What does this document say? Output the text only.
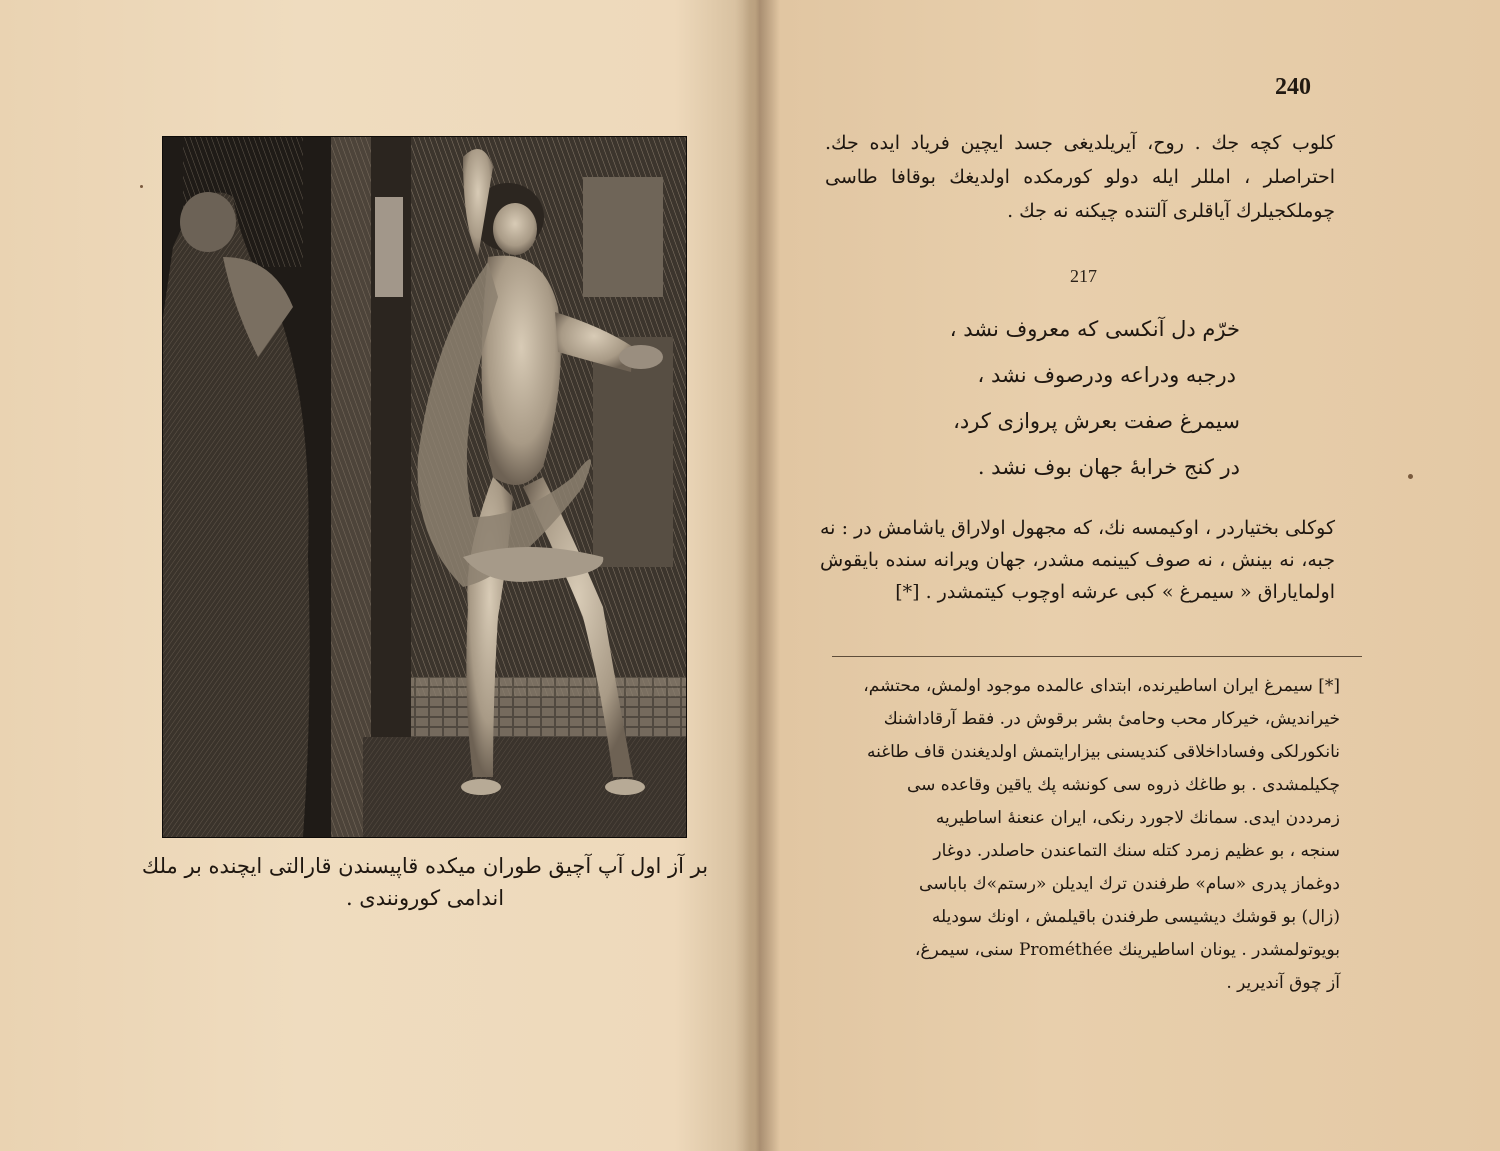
بر آز اول آپ آچیق طوران میکده قاپیسندن قارالتی ایچنده بر ملك اندامی کورونندی .
240
کلوب کچه جك . روح، آیریلدیغی جسد ایچین فریاد ایده جك. احتراصلر ، امللر ایله دولو کورمکده اولدیغك بوقافا طاسی چوملکجیلرك آیاقلری آلتنده چیکنه نه جك .
217
خرّم دل آنکسی که معروف نشد ،
درجبه ودراعه ودرصوف نشد ،
سیمرغ صفت بعرش پروازی کرد،
در کنج خرابهٔ جهان بوف نشد .
کوکلی بختیاردر ، اوکیمسه نك، که مجهول اولاراق یاشامش در : نه جبه، نه بینش ، نه صوف کیینمه مشدر، جهان ویرانه سنده بایقوش اولمایاراق « سیمرغ » کبی عرشه اوچوب کیتمشدر . [*]
[*] سیمرغ ایران اساطیرنده، ابتدای عالمده موجود اولمش، محتشم،
خیراندیش، خیرکار محب وحامیٔ بشر برقوش در. فقط آرقاداشنك
نانکورلکی وفساداخلاقی کندیسنی بیزارایتمش اولدیغندن قاف طاغنه
چکیلمشدی . بو طاغك ذروه سی کونشه پك یاقین وقاعده سی
زمرددن ایدی. سمانك لاجورد رنکی، ایران عنعنهٔ اساطیریه
سنجه ، بو عظیم زمرد کتله سنك التماعندن حاصلدر. دوغار
دوغماز پدری «سام» طرفندن ترك ایدیلن «رستم»ك باباسی
(زال) بو قوشك دیشیسی طرفندن باقیلمش ، اونك سودیله
بویوتولمشدر . یونان اساطیرینك Prométhée سنی، سیمرغ،
آز چوق آندیریر .
